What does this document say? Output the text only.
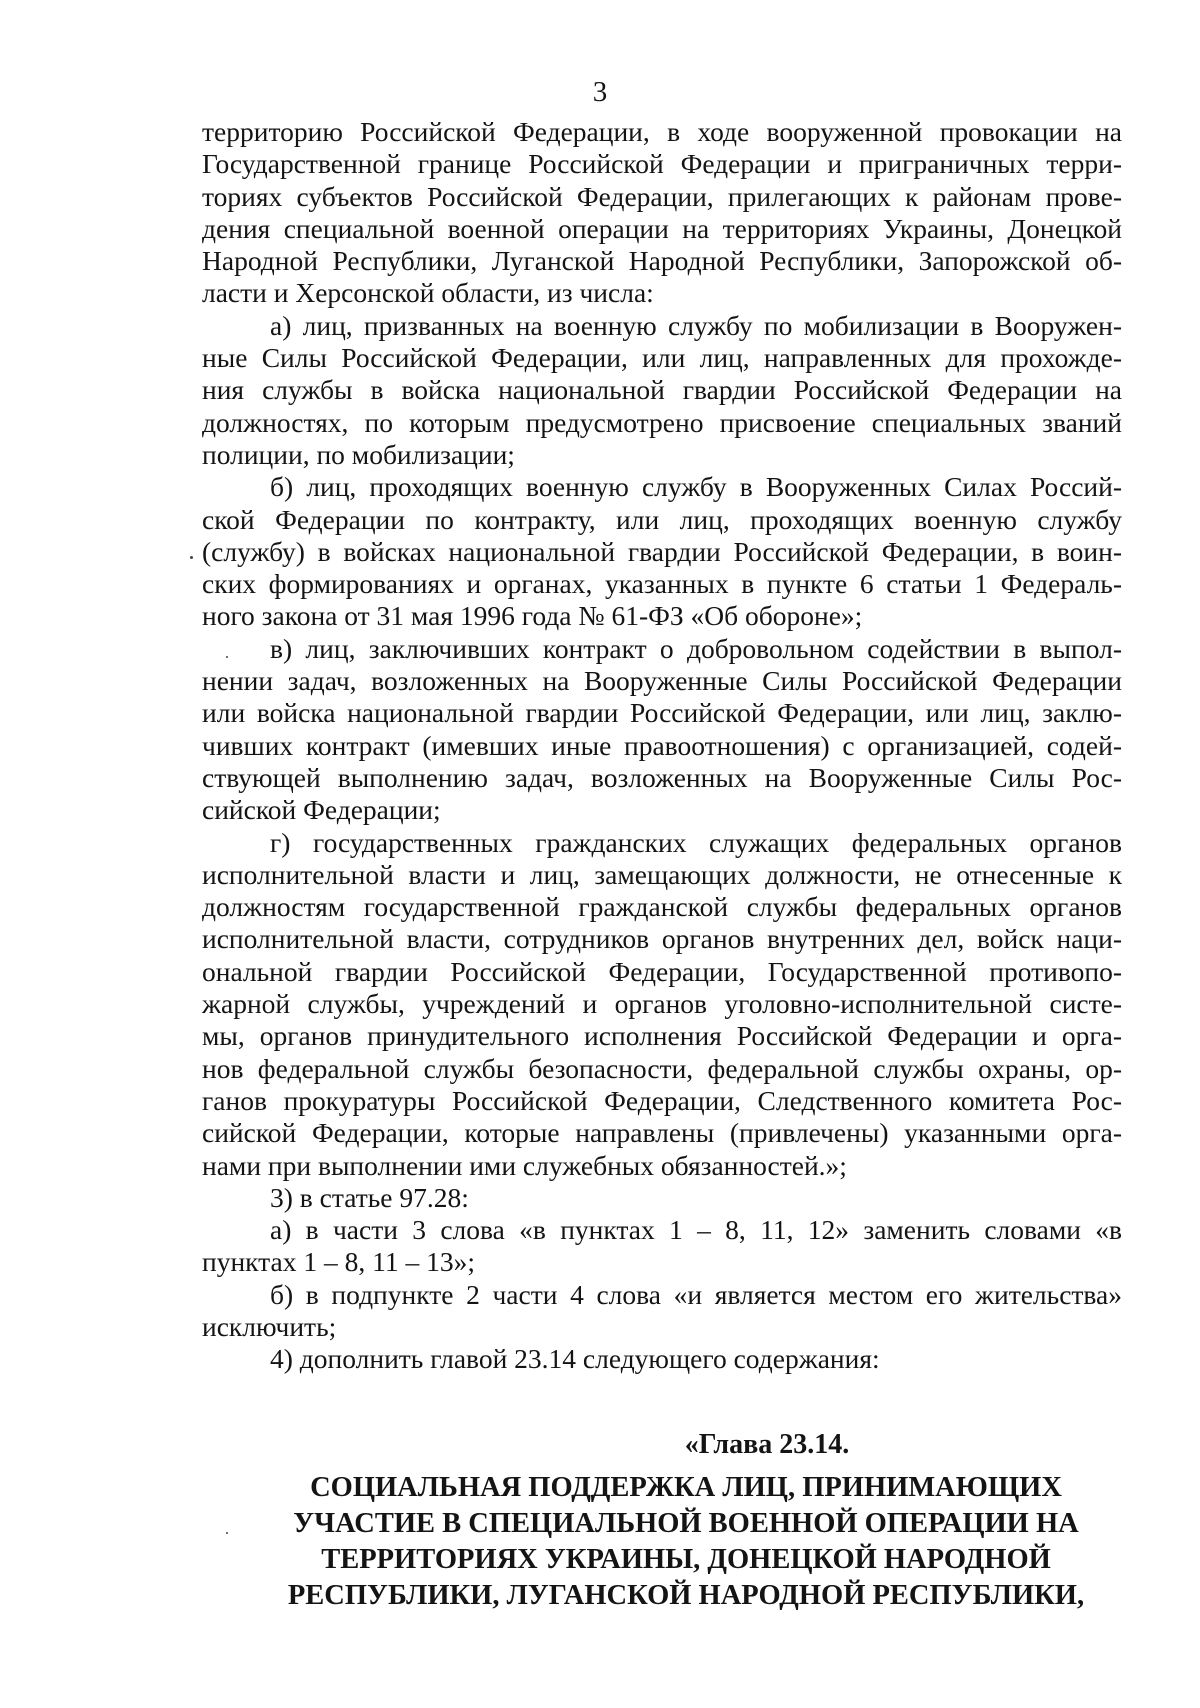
3
территорию Российской Федерации, в ходе вооруженной провокации на
Государственной границе Российской Федерации и приграничных терри-
ториях субъектов Российской Федерации, прилегающих к районам прове-
дения специальной военной операции на территориях Украины, Донецкой
Народной Республики, Луганской Народной Республики, Запорожской об-
ласти и Херсонской области, из числа:
а) лиц, призванных на военную службу по мобилизации в Вооружен-
ные Силы Российской Федерации, или лиц, направленных для прохожде-
ния службы в войска национальной гвардии Российской Федерации на
должностях, по которым предусмотрено присвоение специальных званий
полиции, по мобилизации;
б) лиц, проходящих военную службу в Вооруженных Силах Россий-
ской Федерации по контракту, или лиц, проходящих военную службу
(службу) в войсках национальной гвардии Российской Федерации, в воин-
ских формированиях и органах, указанных в пункте 6 статьи 1 Федераль-
ного закона от 31 мая 1996 года № 61-ФЗ «Об обороне»;
в) лиц, заключивших контракт о добровольном содействии в выпол-
нении задач, возложенных на Вооруженные Силы Российской Федерации
или войска национальной гвардии Российской Федерации, или лиц, заклю-
чивших контракт (имевших иные правоотношения) с организацией, содей-
ствующей выполнению задач, возложенных на Вооруженные Силы Рос-
сийской Федерации;
г) государственных гражданских служащих федеральных органов
исполнительной власти и лиц, замещающих должности, не отнесенные к
должностям государственной гражданской службы федеральных органов
исполнительной власти, сотрудников органов внутренних дел, войск наци-
ональной гвардии Российской Федерации, Государственной противопо-
жарной службы, учреждений и органов уголовно-исполнительной систе-
мы, органов принудительного исполнения Российской Федерации и орга-
нов федеральной службы безопасности, федеральной службы охраны, ор-
ганов прокуратуры Российской Федерации, Следственного комитета Рос-
сийской Федерации, которые направлены (привлечены) указанными орга-
нами при выполнении ими служебных обязанностей.»;
3) в статье 97.28:
а) в части 3 слова «в пунктах 1 – 8, 11, 12» заменить словами «в
пунктах 1 – 8, 11 – 13»;
б) в подпункте 2 части 4 слова «и является местом его жительства»
исключить;
4) дополнить главой 23.14 следующего содержания:
«Глава 23.14.
СОЦИАЛЬНАЯ ПОДДЕРЖКА ЛИЦ, ПРИНИМАЮЩИХ
УЧАСТИЕ В СПЕЦИАЛЬНОЙ ВОЕННОЙ ОПЕРАЦИИ НА
ТЕРРИТОРИЯХ УКРАИНЫ, ДОНЕЦКОЙ НАРОДНОЙ
РЕСПУБЛИКИ, ЛУГАНСКОЙ НАРОДНОЙ РЕСПУБЛИКИ,
